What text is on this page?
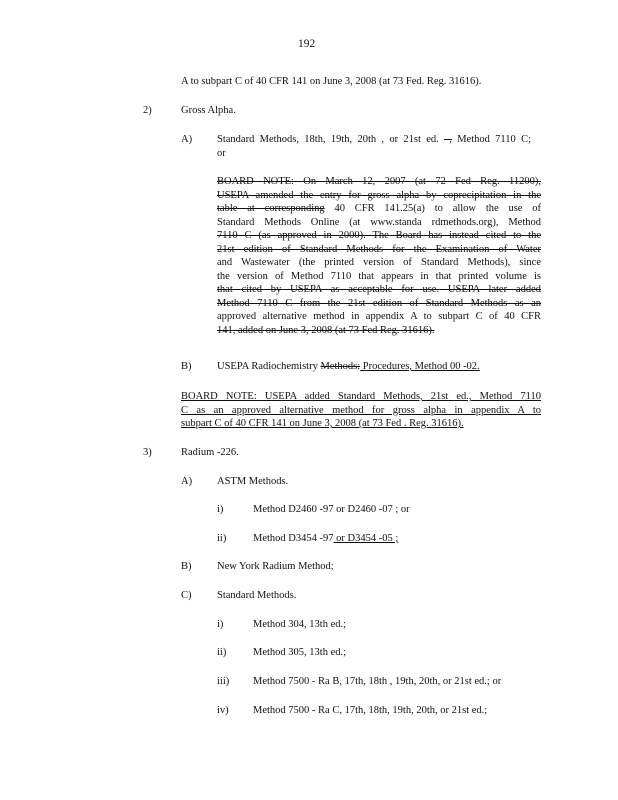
192
A to subpart C of 40 CFR 141 on June 3, 2008 (at 73 Fed. Reg. 31616).
2)	Gross Alpha.
A) Standard Methods, 18th, 19th, 20th , or 21st ed. –, Method 7110 C;
or
BOARD NOTE: On March 12, 2007 (at 72 Fed Reg. 11200),
USEPA amended the entry for gross alpha by coprecipitation in the
table at corresponding 40 CFR 141.25(a) to allow the use of
Standard Methods Online (at www.standa rdmethods.org), Method
7110 C (as approved in 2000). The Board has instead cited to the
21st edition of Standard Methods for the Examination of Water
and Wastewater (the printed version of Standard Methods), since
the version of Method 7110 that appears in that printed volume is
that cited by USEPA as acceptable for use. USEPA later added
Method 7110 C from the 21st edition of Standard Methods as an
approved alternative method in appendix A to subpart C of 40 CFR
141, added on June 3, 2008 (at 73 Fed Reg. 31616).
B) USEPA Radiochemistry Methods: Procedures, Method 00 -02.
BOARD NOTE: USEPA added Standard Methods, 21st ed., Method 7110
C as an approved alternative method for gross alpha in appendix A to
subpart C of 40 CFR 141 on June 3, 2008 (at 73 Fed . Reg. 31616).
3)	Radium -226.
A) ASTM Methods.
i)	Method D2460 -97 or D2460 -07 ; or
ii)	Method D3454 -97 or D3454 -05 ;
B) New York Radium Method;
C) Standard Methods.
i)	Method 304, 13th ed.;
ii)	Method 305, 13th ed.;
iii) Method 7500 - Ra B, 17th, 18th , 19th, 20th, or 21st ed.; or
iv) Method 7500 - Ra C, 17th, 18th, 19th, 20th, or 21st ed.;
